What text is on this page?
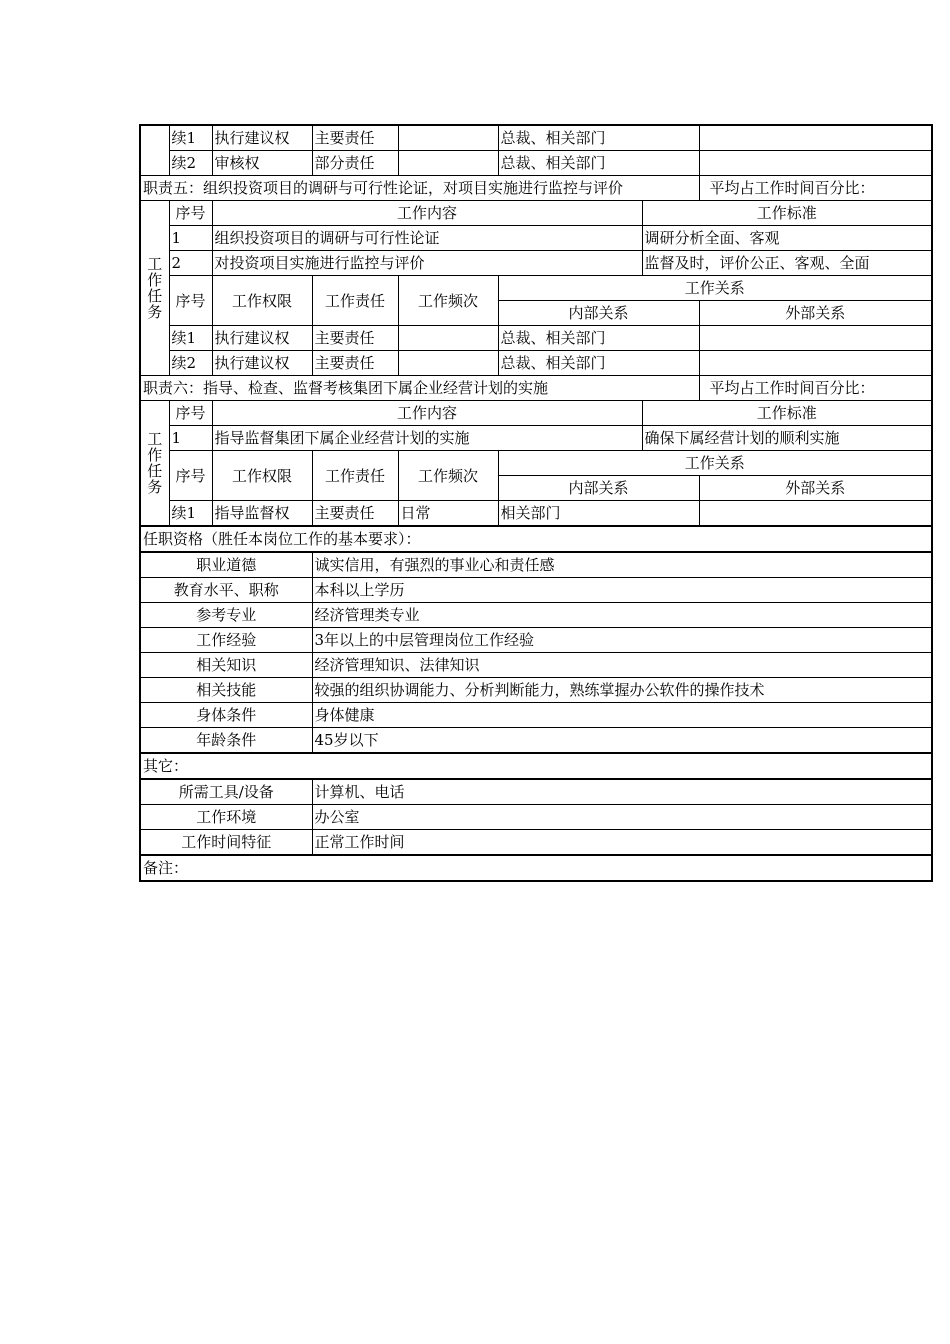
	续1	执行建议权	主要责任		总裁、相关部门		
	续2	审核权	部分责任		总裁、相关部门		
职责五：组织投资项目的调研与可行性论证，对项目实施进行监控与评价							平均占工作时间百分比：

工
作
任
务	序号	工作内容				工作标准	
	1	组织投资项目的调研与可行性论证				调研分析全面、客观	
	2	对投资项目实施进行监控与评价				监督及时，评价公正、客观、全面	
	序号	工作权限	工作责任	工作频次	工作关系		
					内部关系		外部关系
	续1	执行建议权	主要责任		总裁、相关部门		
	续2	执行建议权	主要责任		总裁、相关部门		
职责六：指导、检查、监督考核集团下属企业经营计划的实施							平均占工作时间百分比：

工
作
任
务	序号	工作内容				工作标准	
	1	指导监督集团下属企业经营计划的实施				确保下属经营计划的顺利实施	
	序号	工作权限	工作责任	工作频次	工作关系		
					内部关系		外部关系
	续1	指导监督权	主要责任	日常	相关部门		
任职资格（胜任本岗位工作的基本要求）：							
职业道德			诚实信用，有强烈的事业心和责任感				
教育水平、职称			本科以上学历				
参考专业			经济管理类专业				
工作经验			3年以上的中层管理岗位工作经验				
相关知识			经济管理知识、法律知识				
相关技能			较强的组织协调能力、分析判断能力，熟练掌握办公软件的操作技术				
身体条件			身体健康				
年龄条件			45岁以下				
其它：							
所需工具/设备			计算机、电话				
工作环境			办公室				
工作时间特征			正常工作时间				
备注：							
